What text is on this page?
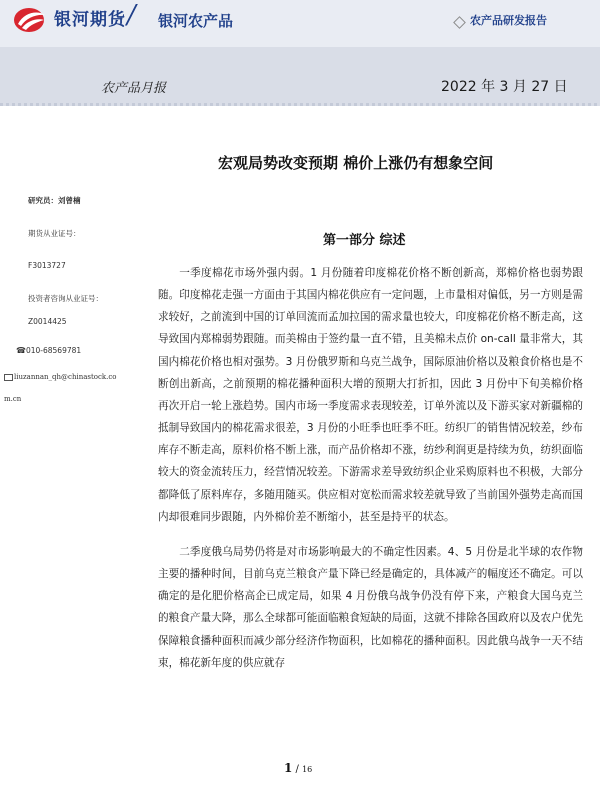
银河期货 / 银河农产品	农产品研发报告
农产品月报	2022 年 3 月 27 日
宏观局势改变预期 棉价上涨仍有想象空间
研究员：刘曾楠
期货从业证号：
F3013727
投资者咨询从业证号：
Z0014425
☎010-68569781
liuzannan_qh@chinastock.com.cn
第一部分 综述

一季度棉花市场外强内弱。1 月份随着印度棉花价格不断创新高，郑棉价格也弱势跟随。印度棉花走强一方面由于其国内棉花供应有一定问题，上市量相对偏低，另一方则是需求较好，之前流到中国的订单回流而孟加拉国的需求量也较大，印度棉花价格不断走高，这导致国内郑棉弱势跟随。而美棉由于签约量一直不错，且美棉未点价 on-call 量非常大，其国内棉花价格也相对强势。3 月份俄罗斯和乌克兰战争，国际原油价格以及粮食价格也是不断创出新高，之前预期的棉花播种面积大增的预期大打折扣，因此 3 月份中下旬美棉价格再次开启一轮上涨趋势。国内市场一季度需求表现较差，订单外流以及下游买家对新疆棉的抵制导致国内的棉花需求很差，3 月份的小旺季也旺季不旺。纺织厂的销售情况较差，纱布库存不断走高，原料价格不断上涨，而产品价格却不涨，纺纱利润更是持续为负，纺织面临较大的资金流转压力，经营情况较差。下游需求差导致纺织企业采购原料也不积极，大部分都降低了原料库存，多随用随买。供应相对宽松而需求较差就导致了当前国外强势走高而国内却很难同步跟随，内外棉价差不断缩小，甚至是持平的状态。

二季度俄乌局势仍将是对市场影响最大的不确定性因素。4、5 月份是北半球的农作物主要的播种时间，目前乌克兰粮食产量下降已经是确定的，具体减产的幅度还不确定。可以确定的是化肥价格高企已成定局，如果 4 月份俄乌战争仍没有停下来，产粮食大国乌克兰的粮食产量大降，那么全球都可能面临粮食短缺的局面，这就不排除各国政府以及农户优先保障粮食播种面积而减少部分经济作物面积，比如棉花的播种面积。因此俄乌战争一天不结束，棉花新年度的供应就存

1 / 16
